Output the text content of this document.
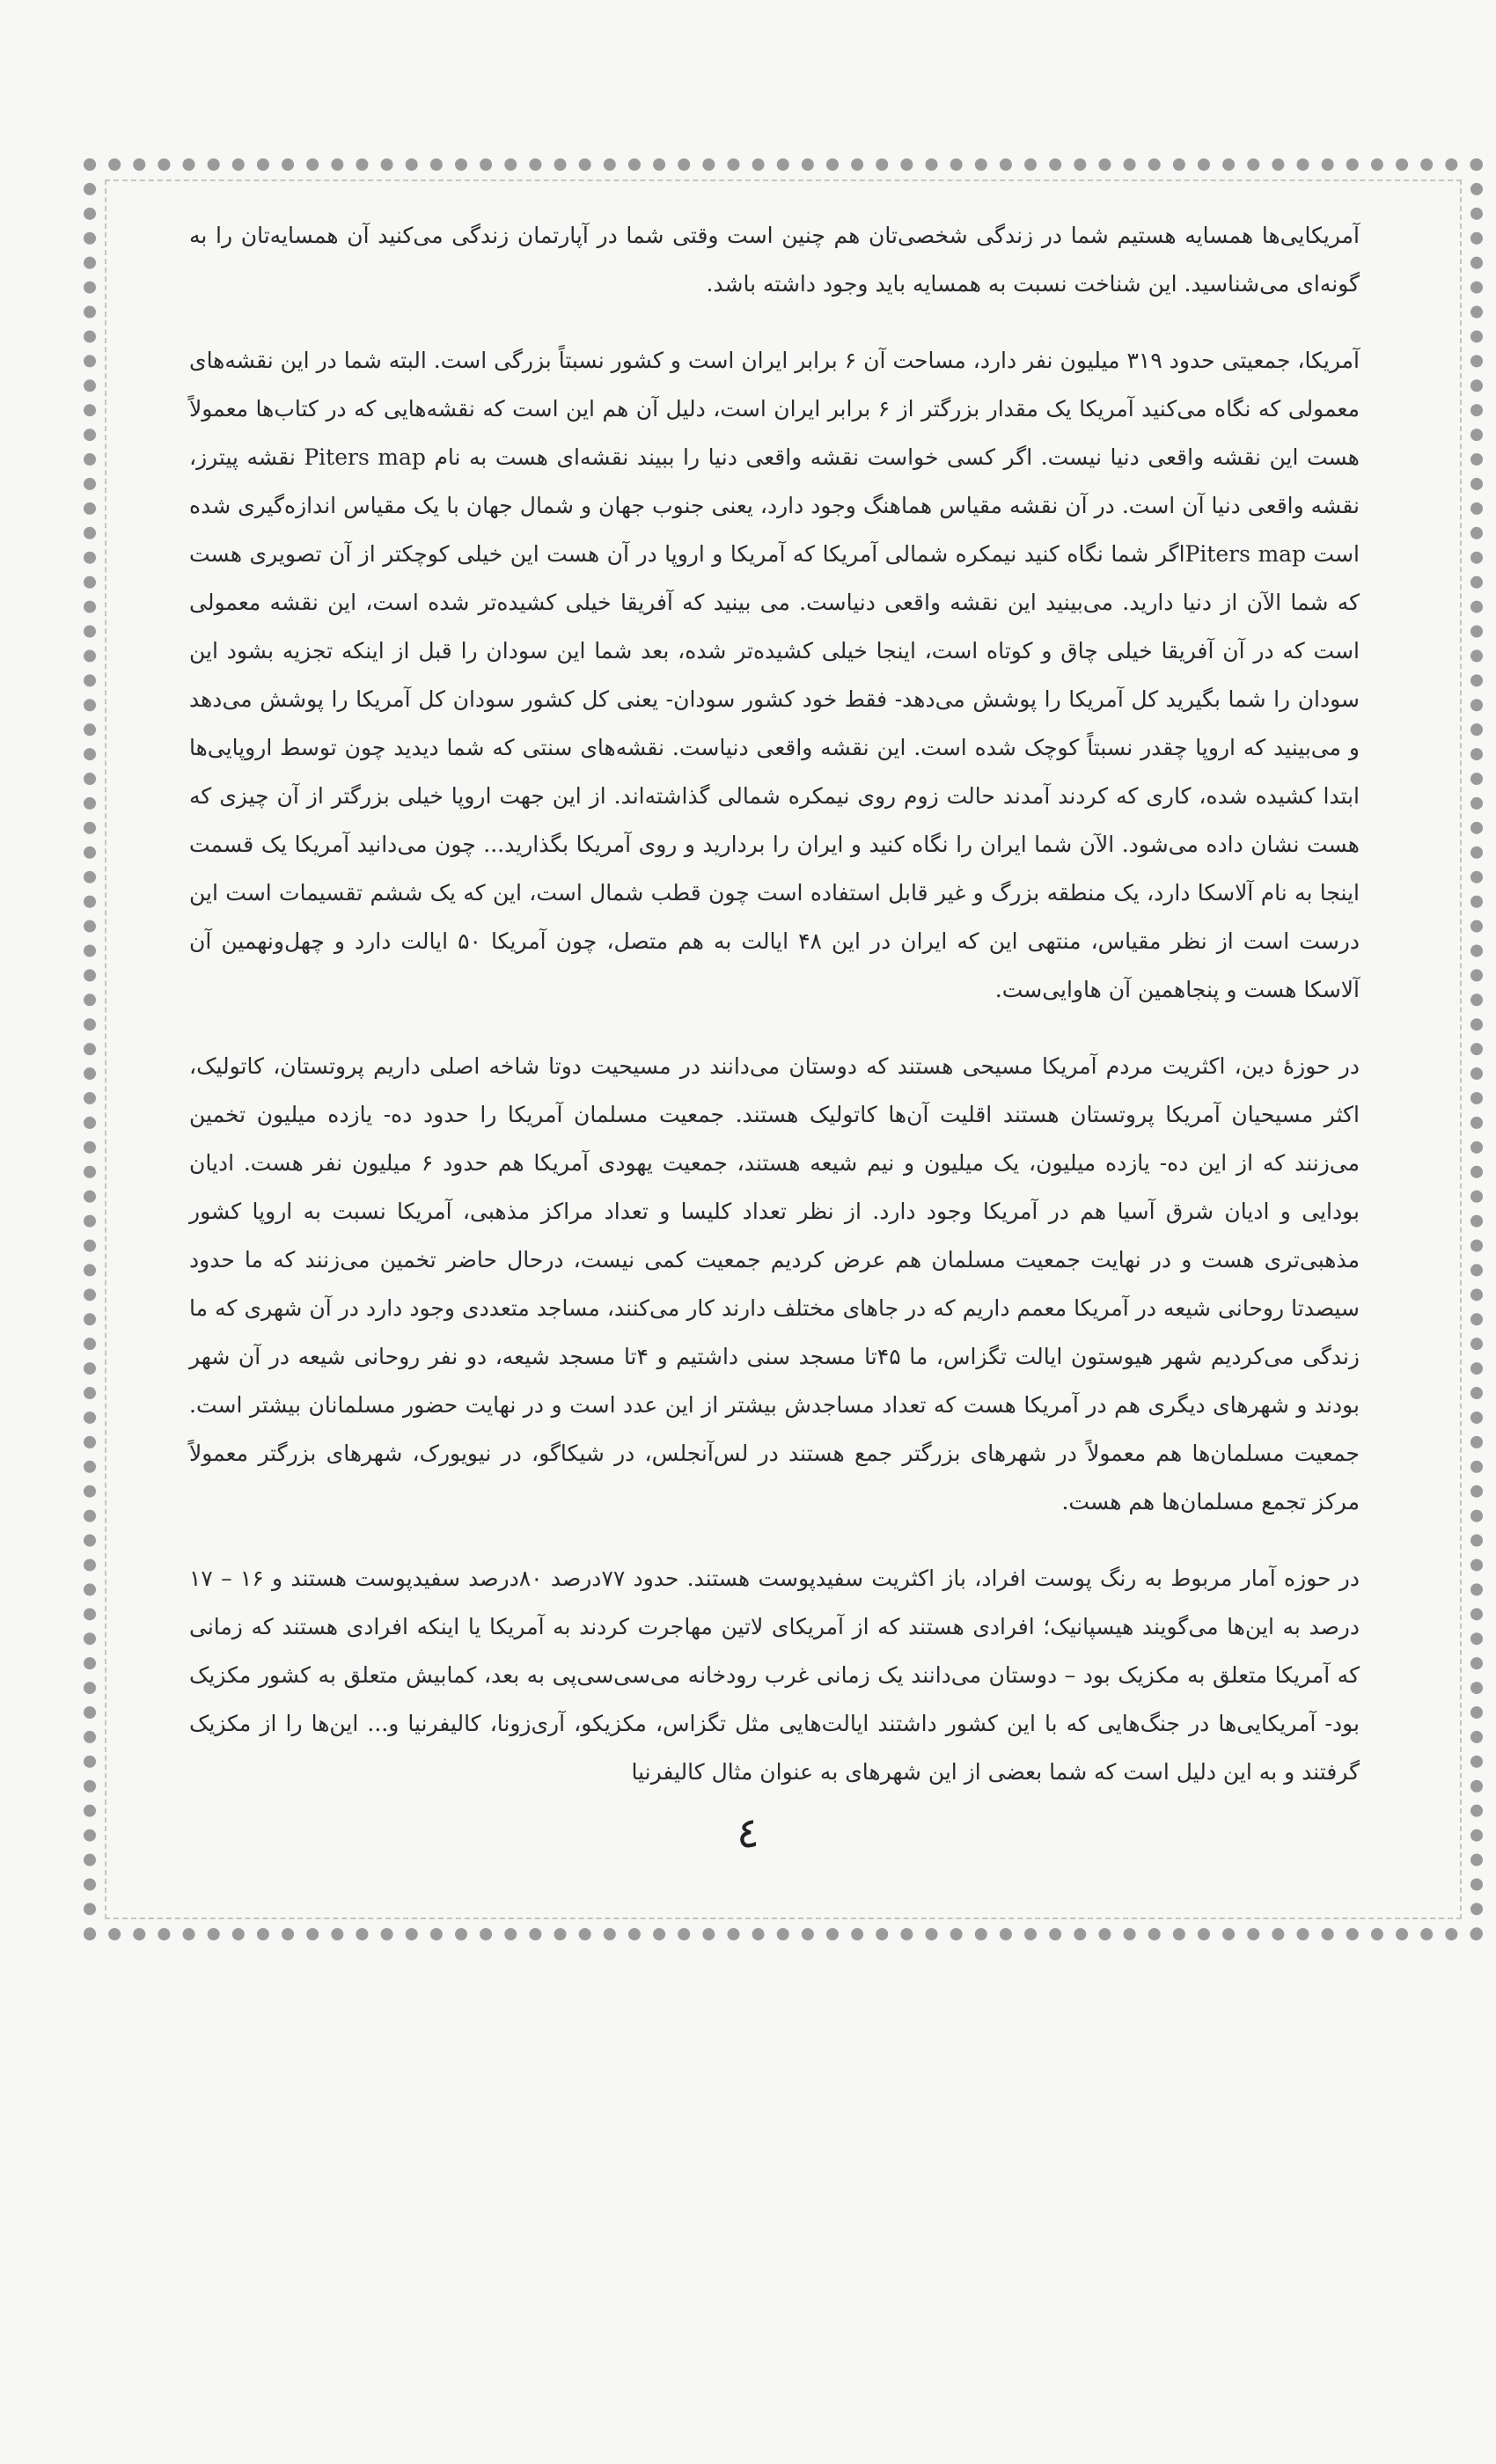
آمریکایی‌ها همسایه هستیم شما در زندگی شخصی‌تان هم چنین است وقتی شما در آپارتمان زندگی می‌کنید آن همسایه‌تان را به گونه‌ای می‌شناسید. این شناخت نسبت به همسایه باید وجود داشته باشد.

آمریکا، جمعیتی حدود ۳۱۹ میلیون نفر دارد، مساحت آن ۶ برابر ایران است و کشور نسبتاً بزرگی است. البته شما در این نقشه‌های معمولی که نگاه می‌کنید آمریکا یک مقدار بزرگتر از ۶ برابر ایران است، دلیل آن هم این است که نقشه‌هایی که در کتاب‌ها معمولاً هست این نقشه واقعی دنیا نیست. اگر کسی خواست نقشه واقعی دنیا را ببیند نقشه‌ای هست به نام Piters map نقشه پیترز، نقشه واقعی دنیا آن است. در آن نقشه مقیاس هماهنگ وجود دارد، یعنی جنوب جهان و شمال جهان با یک مقیاس اندازه‌گیری شده است Piters mapاگر شما نگاه کنید نیمکره شمالی آمریکا که آمریکا و اروپا در آن هست این خیلی کوچکتر از آن تصویری هست که شما الآن از دنیا دارید. می‌بینید این نقشه واقعی دنیاست. می بینید که آفریقا خیلی کشیده‌تر شده است، این نقشه معمولی است که در آن آفریقا خیلی چاق و کوتاه است، اینجا خیلی کشیده‌تر شده، بعد شما این سودان را قبل از اینکه تجزیه بشود این سودان را شما بگیرید کل آمریکا را پوشش می‌دهد- فقط خود کشور سودان- یعنی کل کشور سودان کل آمریکا را پوشش می‌دهد و می‌بینید که اروپا چقدر نسبتاً کوچک شده است. این نقشه واقعی دنیاست. نقشه‌های سنتی که شما دیدید چون توسط اروپایی‌ها ابتدا کشیده شده، کاری که کردند آمدند حالت زوم روی نیمکره شمالی گذاشته‌اند. از این جهت اروپا خیلی بزرگتر از آن چیزی که هست نشان داده می‌شود. الآن شما ایران را نگاه کنید و ایران را بردارید و روی آمریکا بگذارید... چون می‌دانید آمریکا یک قسمت اینجا به نام آلاسکا دارد، یک منطقه بزرگ و غیر قابل استفاده است چون قطب شمال است، این که یک ششم تقسیمات است این درست است از نظر مقیاس، منتهی این که ایران در این ۴۸ ایالت به هم متصل، چون آمریکا ۵۰ ایالت دارد و چهل‌ونهمین آن آلاسکا هست و پنجاهمین آن هاوایی‌ست.

در حوزهٔ دین، اکثریت مردم آمریکا مسیحی هستند که دوستان می‌دانند در مسیحیت دوتا شاخه اصلی داریم پروتستان، کاتولیک، اکثر مسیحیان آمریکا پروتستان هستند اقلیت آن‌ها کاتولیک هستند. جمعیت مسلمان آمریکا را حدود ده- یازده میلیون تخمین می‌زنند که از این ده- یازده میلیون، یک میلیون و نیم شیعه هستند، جمعیت یهودی آمریکا هم حدود ۶ میلیون نفر هست. ادیان بودایی و ادیان شرق آسیا هم در آمریکا وجود دارد. از نظر تعداد کلیسا و تعداد مراکز مذهبی، آمریکا نسبت به اروپا کشور مذهبی‌تری هست و در نهایت جمعیت مسلمان هم عرض کردیم جمعیت کمی نیست، درحال حاضر تخمین می‌زنند که ما حدود سیصدتا روحانی شیعه در آمریکا معمم داریم که در جاهای مختلف دارند کار می‌کنند، مساجد متعددی وجود دارد در آن شهری که ما زندگی می‌کردیم شهر هیوستون ایالت تگزاس، ما ۴۵تا مسجد سنی داشتیم و ۴تا مسجد شیعه، دو نفر روحانی شیعه در آن شهر بودند و شهرهای دیگری هم در آمریکا هست که تعداد مساجدش بیشتر از این عدد است و در نهایت حضور مسلمانان بیشتر است. جمعیت مسلمان‌ها هم معمولاً در شهرهای بزرگتر جمع هستند در لس‌آنجلس، در شیکاگو، در نیویورک، شهرهای بزرگتر معمولاً مرکز تجمع مسلمان‌ها هم هست.

در حوزه آمار مربوط به رنگ پوست افراد، باز اکثریت سفیدپوست هستند. حدود ۷۷درصد ۸۰درصد سفیدپوست هستند و ۱۶ – ۱۷ درصد به این‌ها می‌گویند هیسپانیک؛ افرادی هستند که از آمریکای لاتین مهاجرت کردند به آمریکا یا اینکه افرادی هستند که زمانی که آمریکا متعلق به مکزیک بود – دوستان می‌دانند یک زمانی غرب رودخانه می‌سی‌سی‌پی به بعد، کمابیش متعلق به کشور مکزیک بود- آمریکایی‌ها در جنگ‌هایی که با این کشور داشتند ایالت‌هایی مثل تگزاس، مکزیکو، آری‌زونا، کالیفرنیا و... این‌ها را از مکزیک گرفتند و به این دلیل است که شما بعضی از این شهرهای به عنوان مثال کالیفرنیا

٤
